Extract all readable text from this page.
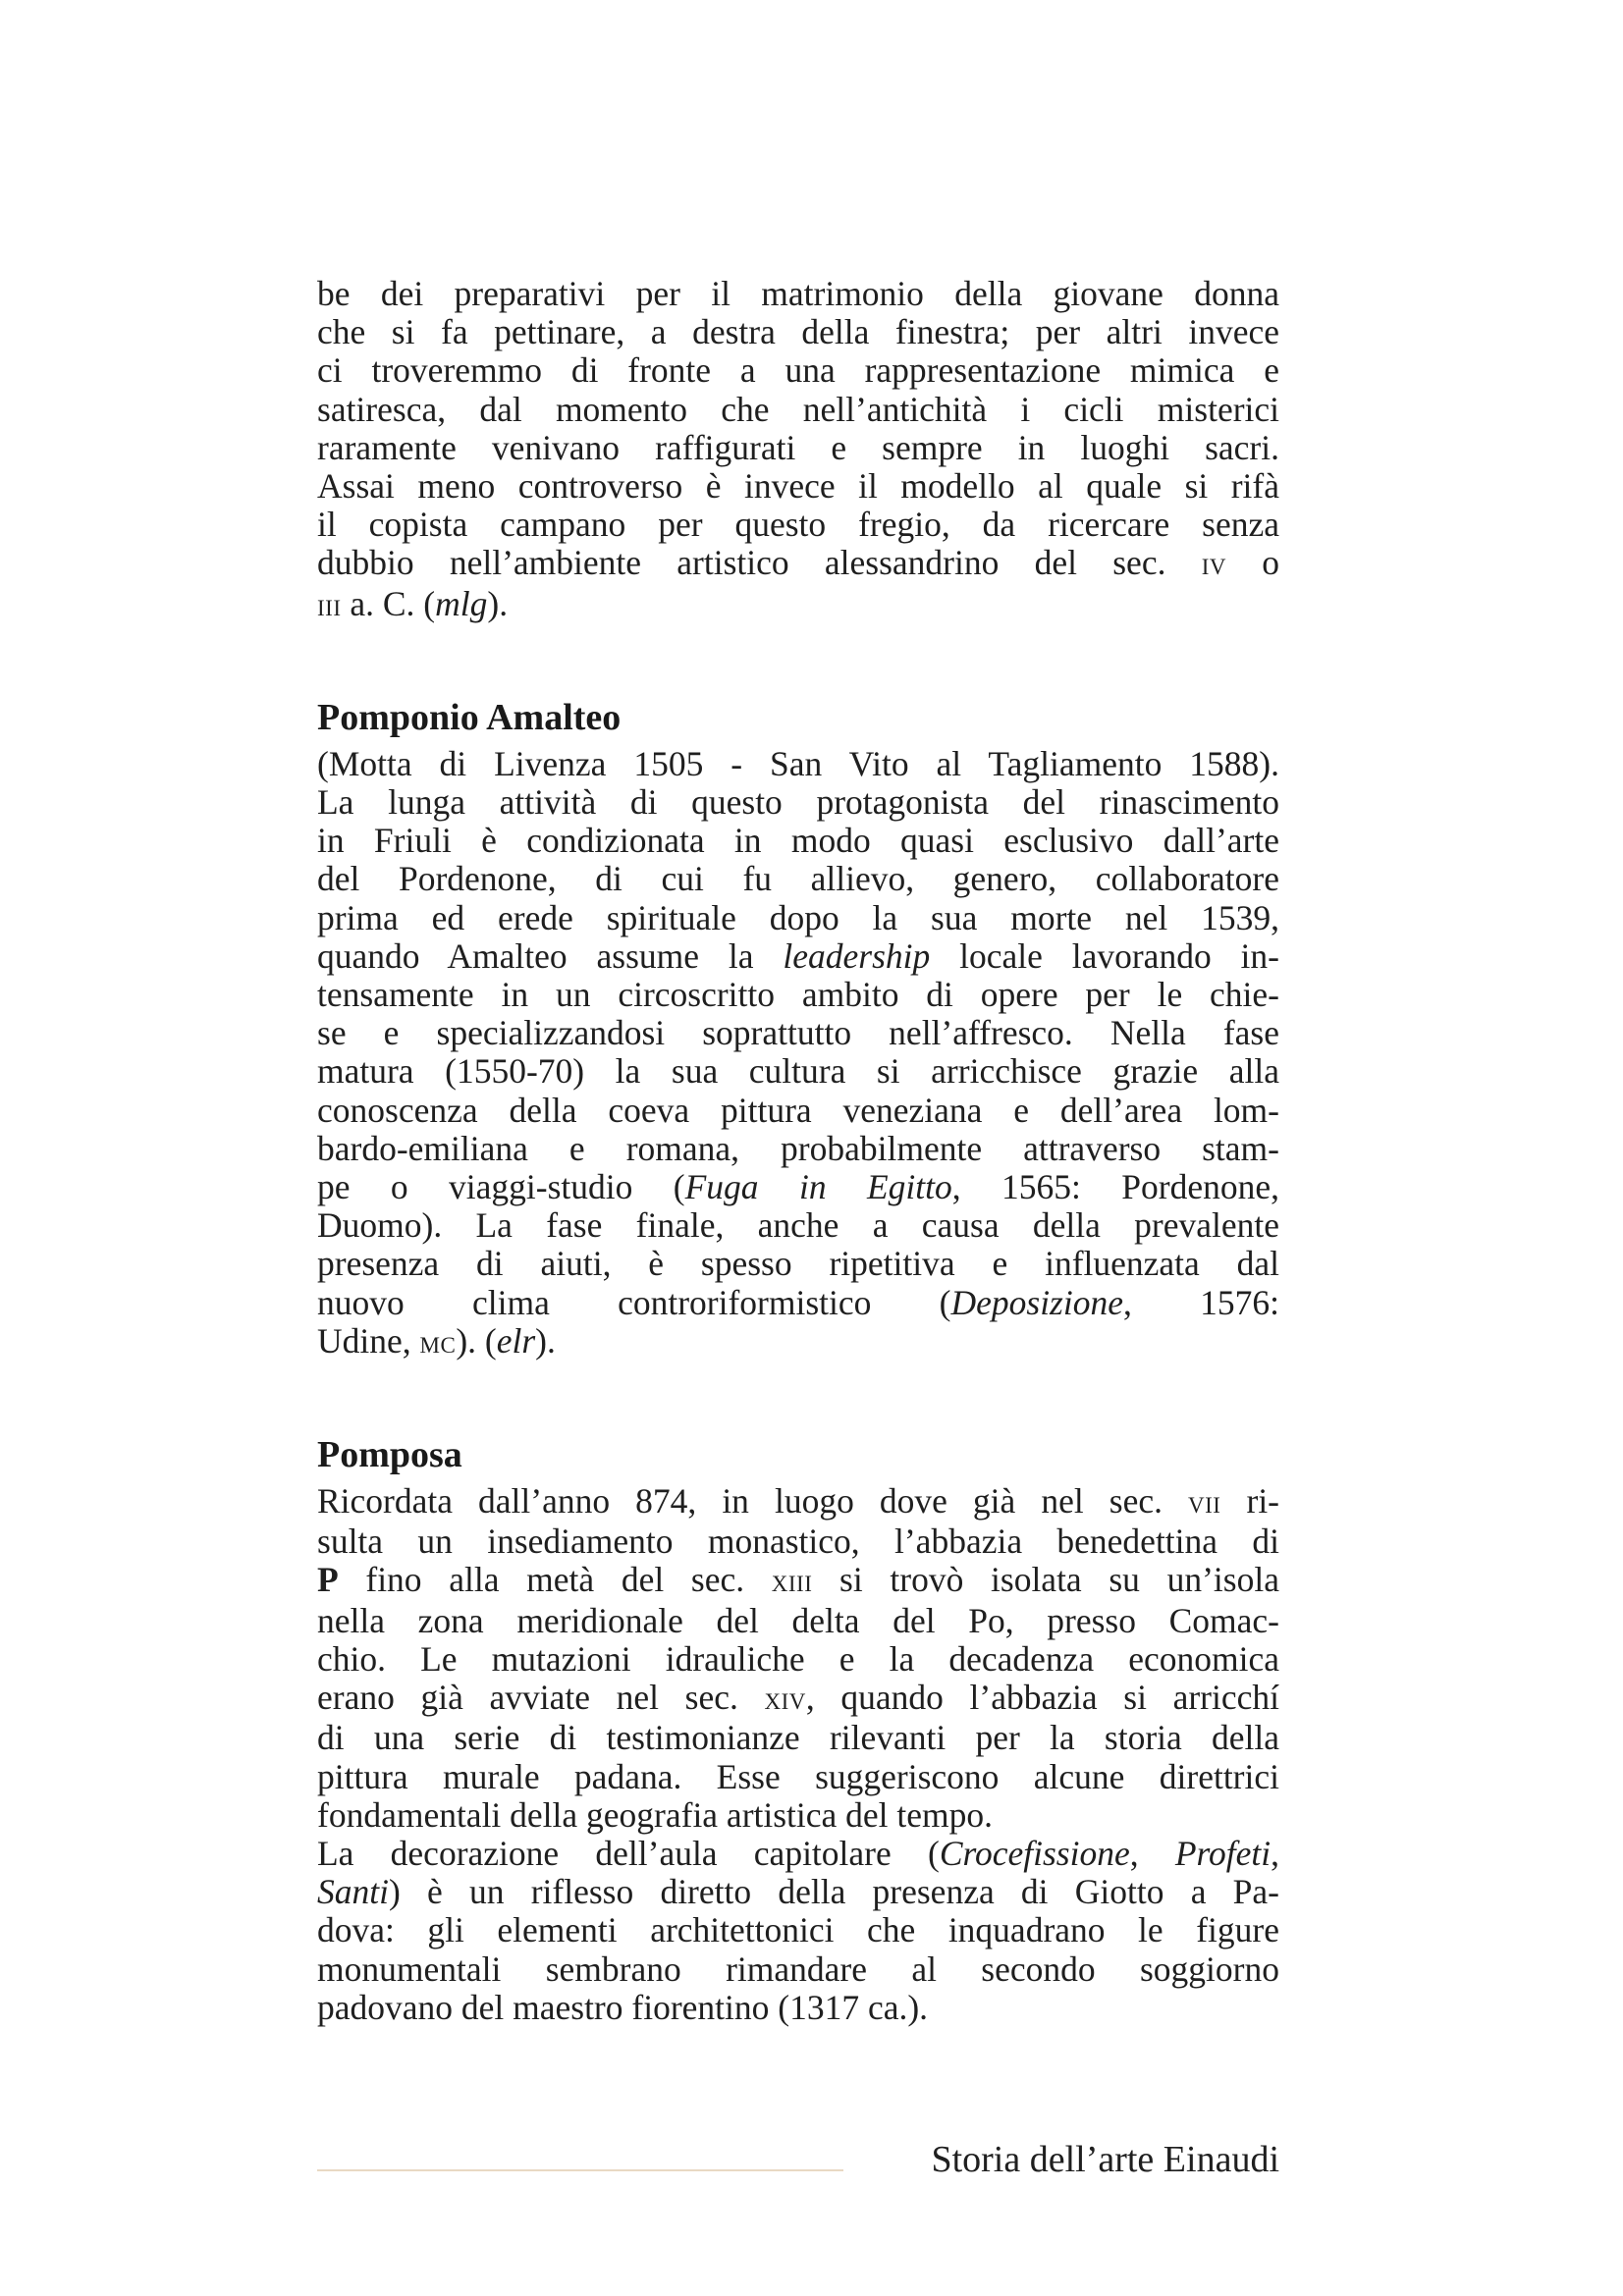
be dei preparativi per il matrimonio della giovane donna
che si fa pettinare, a destra della finestra; per altri invece
ci troveremmo di fronte a una rappresentazione mimica e
satiresca, dal momento che nell’antichità i cicli misterici
raramente venivano raffigurati e sempre in luoghi sacri.
Assai meno controverso è invece il modello al quale si rifà
il copista campano per questo fregio, da ricercare senza
dubbio nell’ambiente artistico alessandrino del sec. iv o
iii a. C. (mlg).

Pomponio Amalteo

(Motta di Livenza 1505 - San Vito al Tagliamento 1588).
La lunga attività di questo protagonista del rinascimento
in Friuli è condizionata in modo quasi esclusivo dall’arte
del Pordenone, di cui fu allievo, genero, collaboratore
prima ed erede spirituale dopo la sua morte nel 1539,
quando Amalteo assume la leadership locale lavorando in-
tensamente in un circoscritto ambito di opere per le chie-
se e specializzandosi soprattutto nell’affresco. Nella fase
matura (1550-70) la sua cultura si arricchisce grazie alla
conoscenza della coeva pittura veneziana e dell’area lom-
bardo-emiliana e romana, probabilmente attraverso stam-
pe o viaggi-studio (Fuga in Egitto, 1565: Pordenone,
Duomo). La fase finale, anche a causa della prevalente
presenza di aiuti, è spesso ripetitiva e influenzata dal
nuovo clima controriformistico (Deposizione, 1576:
Udine, mc). (elr).

Pomposa

Ricordata dall’anno 874, in luogo dove già nel sec. vii ri-
sulta un insediamento monastico, l’abbazia benedettina di
P fino alla metà del sec. xiii si trovò isolata su un’isola
nella zona meridionale del delta del Po, presso Comac-
chio. Le mutazioni idrauliche e la decadenza economica
erano già avviate nel sec. xiv, quando l’abbazia si arricchí
di una serie di testimonianze rilevanti per la storia della
pittura murale padana. Esse suggeriscono alcune direttrici
fondamentali della geografia artistica del tempo.
La decorazione dell’aula capitolare (Crocefissione, Profeti,
Santi) è un riflesso diretto della presenza di Giotto a Pa-
dova: gli elementi architettonici che inquadrano le figure
monumentali sembrano rimandare al secondo soggiorno
padovano del maestro fiorentino (1317 ca.).

Storia dell’arte Einaudi
